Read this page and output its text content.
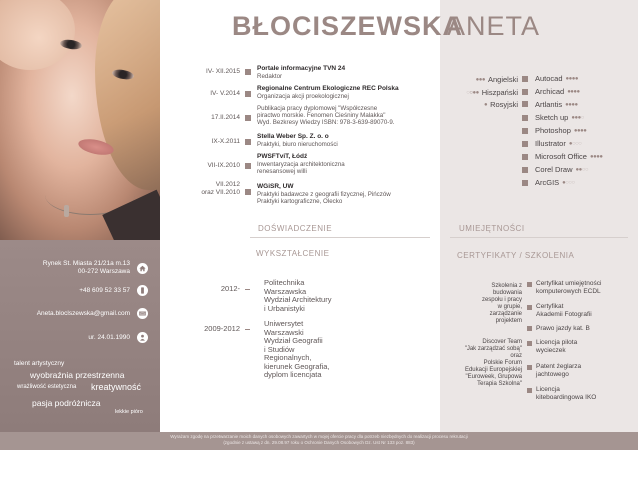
Rynek St. Miasta 21/21a m.13
00-272 Warszawa
+48 609 52 33 57
Aneta.bloclszewska@gmail.com
ur. 24.01.1990
talent artystyczny
wyobraźnia przestrzenna
wrażliwość estetyczna kreatywność
pasja podróżnicza
lekkie pióro
BŁOCISZEWSKA
ANETA
IV- XII.2015	Portale informacyjne TVN 24
Redaktor
IV- V.2014
Regionalne Centrum Ekologiczne REC Polska
Organizacja akcji proekologicznej
17.II.2014
Publikacja pracy dyplomowej "Współczesne
piractwo morskie. Fenomen Cieśniny Malakka"
Wyd. Bezkresy Wiedzy ISBN: 978-3-639-89070-9.
IX-X.2011
Stella Weber Sp. Z. o. o
Praktyki, biuro nieruchomości
VII-IX.2010
PWSFTviT, Łódź
Inwentaryzacja architektoniczna
renesansowej willi
VII.2012
oraz VII.2010
WGiSR, UW
Praktyki badawcze z geografii fizycznej, Pińczów
Praktyki kartograficzne, Olecko
DOŚWIADCZENIE
WYKSZTAŁCENIE
UMIEJĘTNOŚCI
CERTYFIKATY / SZKOLENIA
2012-
Politechnika
Warszawska
Wydział Architektury
i Urbanistyki
2009-2012
Uniwersytet
Warszawski
Wydział Geografii
i Studiów
Regionalnych,
kierunek Geografia,
dyplom licencjata
●●● Angielski
○○●● Hiszpański
● Rosyjski
Autocad ●●●●
Archicad ●●●●
Artlantis ●●●●
Sketch up ●●●○
Photoshop ●●●●
Illustrator ●○○○
Microsoft Office ●●●●
Corel Draw ●●○○
ArcGIS ●○○○
Szkolenia z
budowania
zespołu i pracy
w grupie,
zarządzanie
projektem
Discover Team
"Jak zarządzać sobą"
oraz
Polskie Forum
Edukacji Europejskiej
"Euroweek, Grupowa
Terapia Szkolna"
Certyfikat umiejętności
komputerowych ECDL
Certyfikat
Akademii Fotografii
Prawo jazdy kat. B
Licencja pilota
wycieczek
Patent żeglarza
jachtowego
Licencja
kiteboardingowa IKO
Wyrażam zgodę na przetwarzanie moich danych osobowych zawartych w mojej ofercie pracy dla potrzeb niezbędnych do realizacji procesu rekrutacji
(zgodnie z ustawą z dn. 29.08.97 roku o Ochronie Danych Osobowych Dz. Ust Nr 133 poz. 883)
